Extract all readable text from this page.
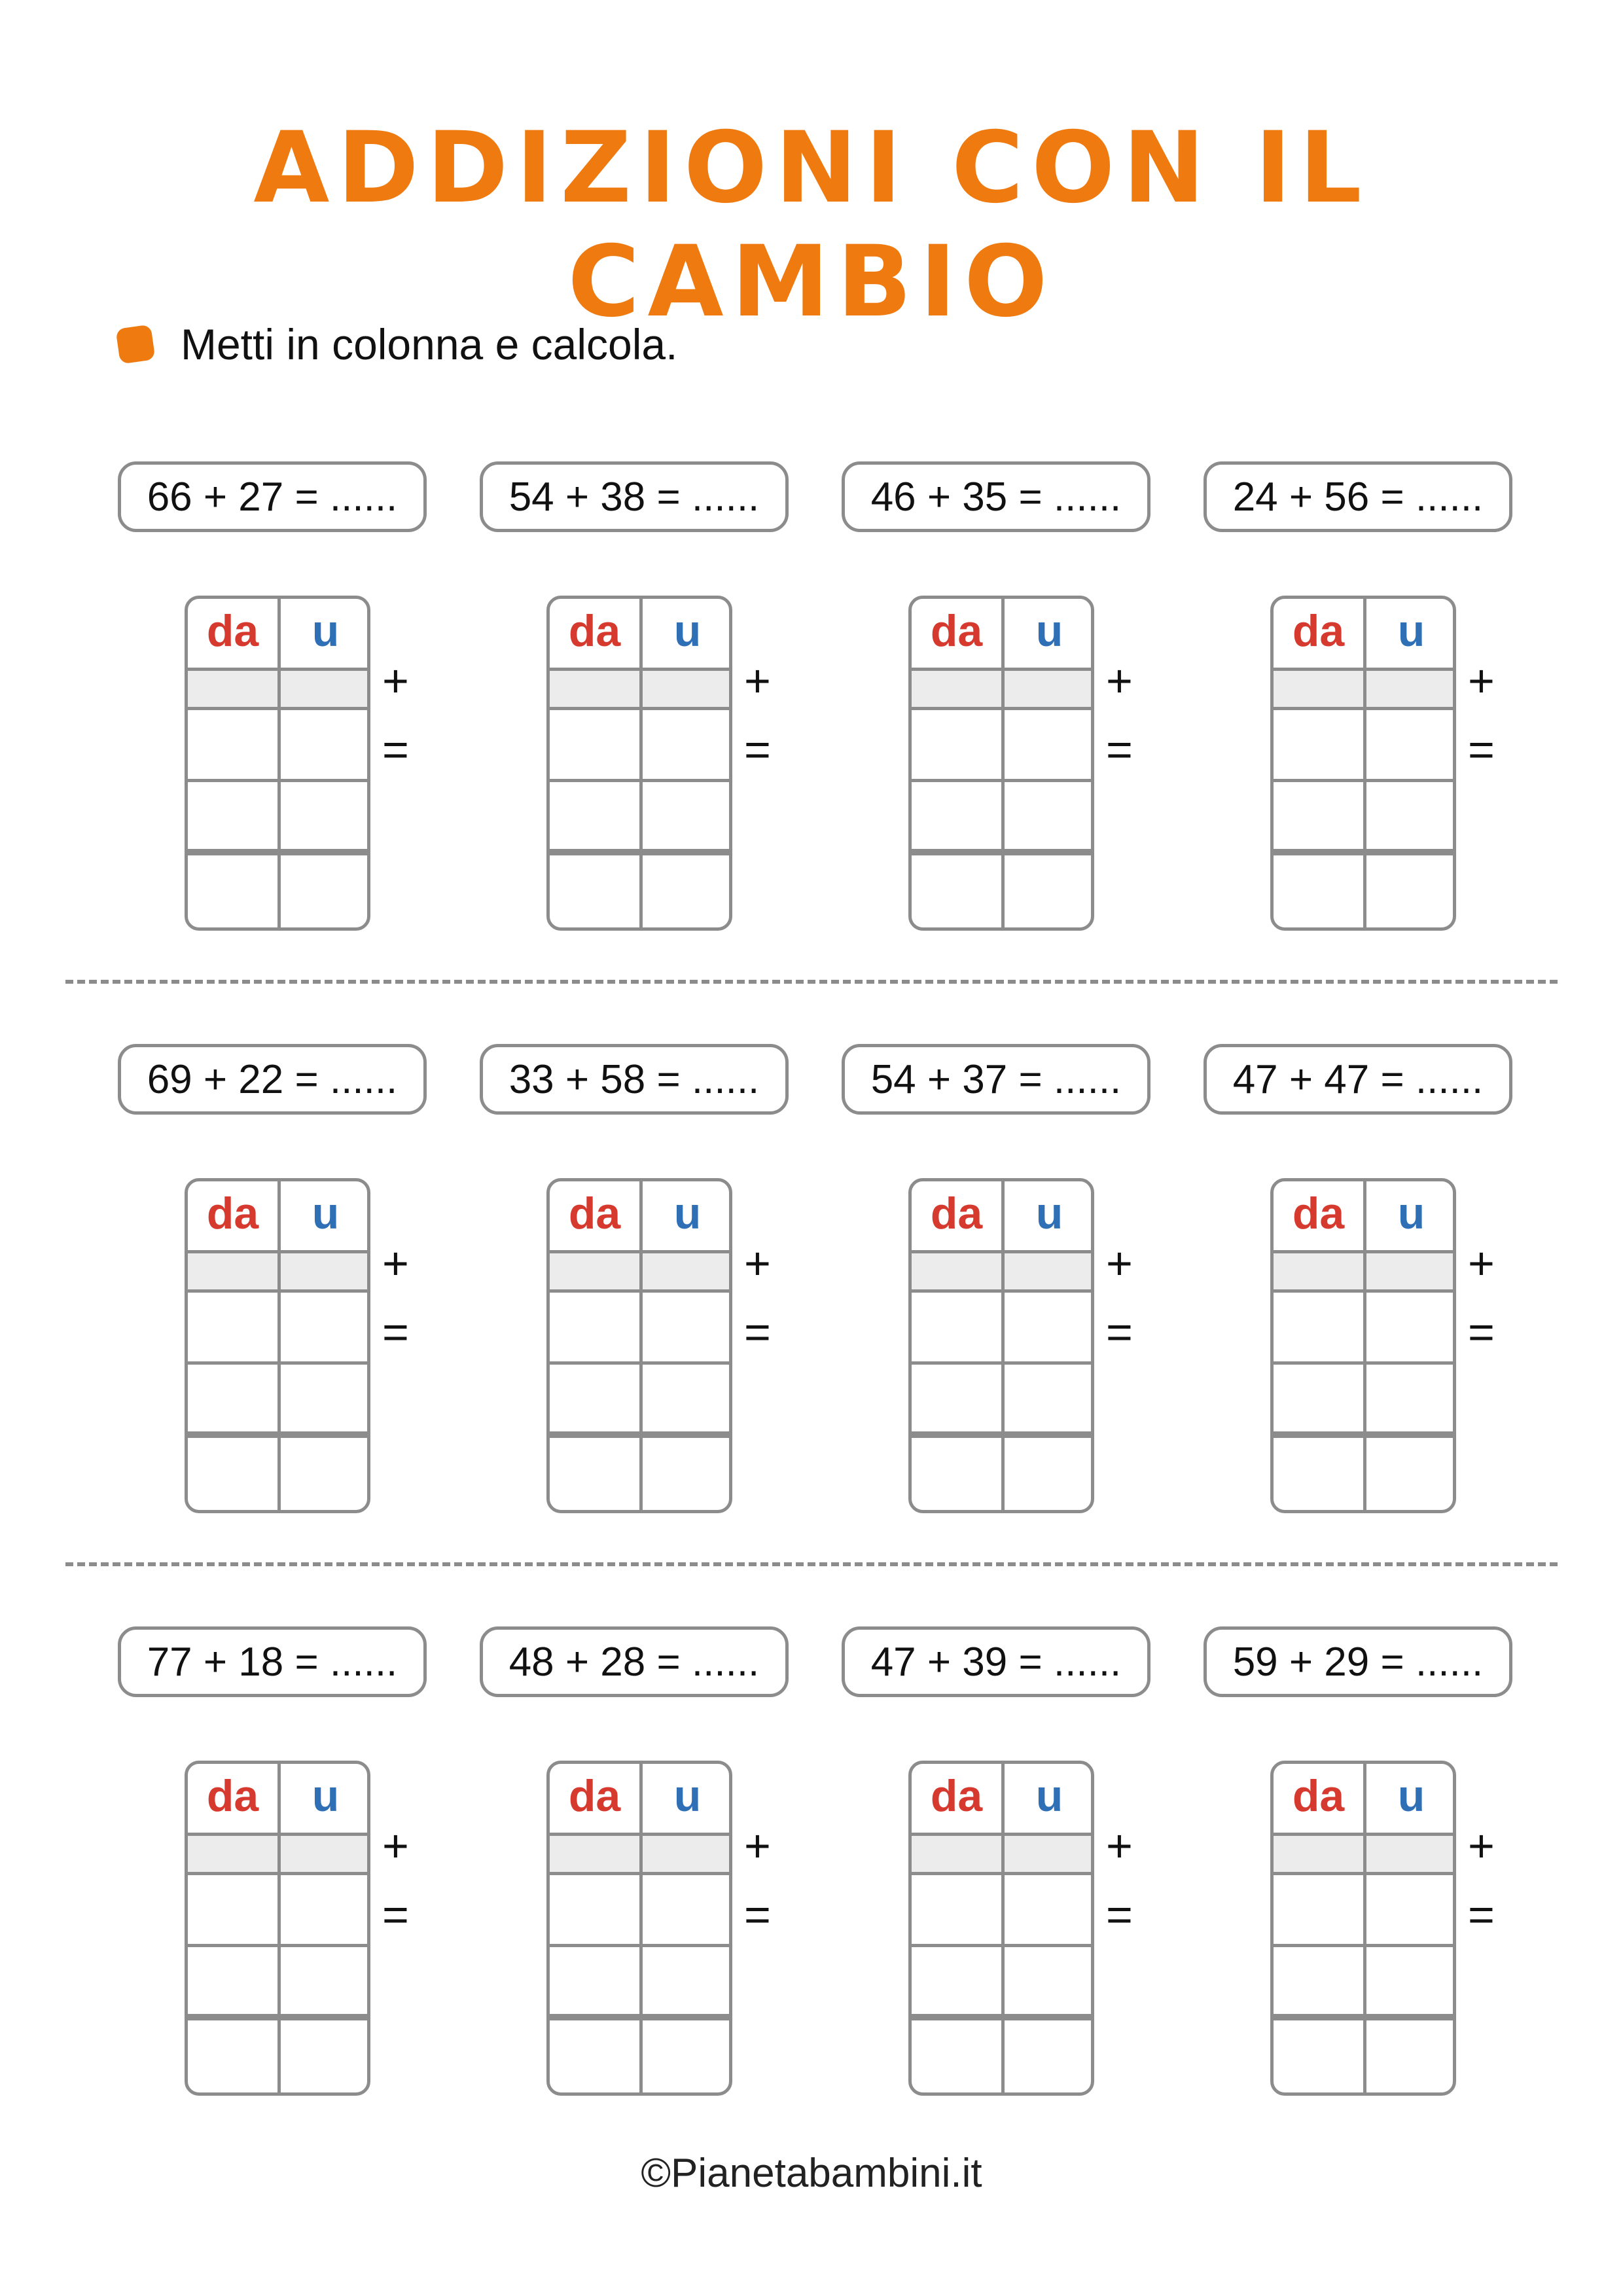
ADDIZIONI CON IL CAMBIO
Metti in colonna e calcola.
66 + 27 = ......
da	u
+
=
54 + 38 = ......
da	u
+
=
46 + 35 = ......
da	u
+
=
24 + 56 = ......
da	u
+
=
69 + 22 = ......
da	u
+
=
33 + 58 = ......
da	u
+
=
54 + 37 = ......
da	u
+
=
47 + 47 = ......
da	u
+
=
77 + 18 = ......
da	u
+
=
48 + 28 = ......
da	u
+
=
47 + 39 = ......
da	u
+
=
59 + 29 = ......
da	u
+
=
©Pianetabambini.it
